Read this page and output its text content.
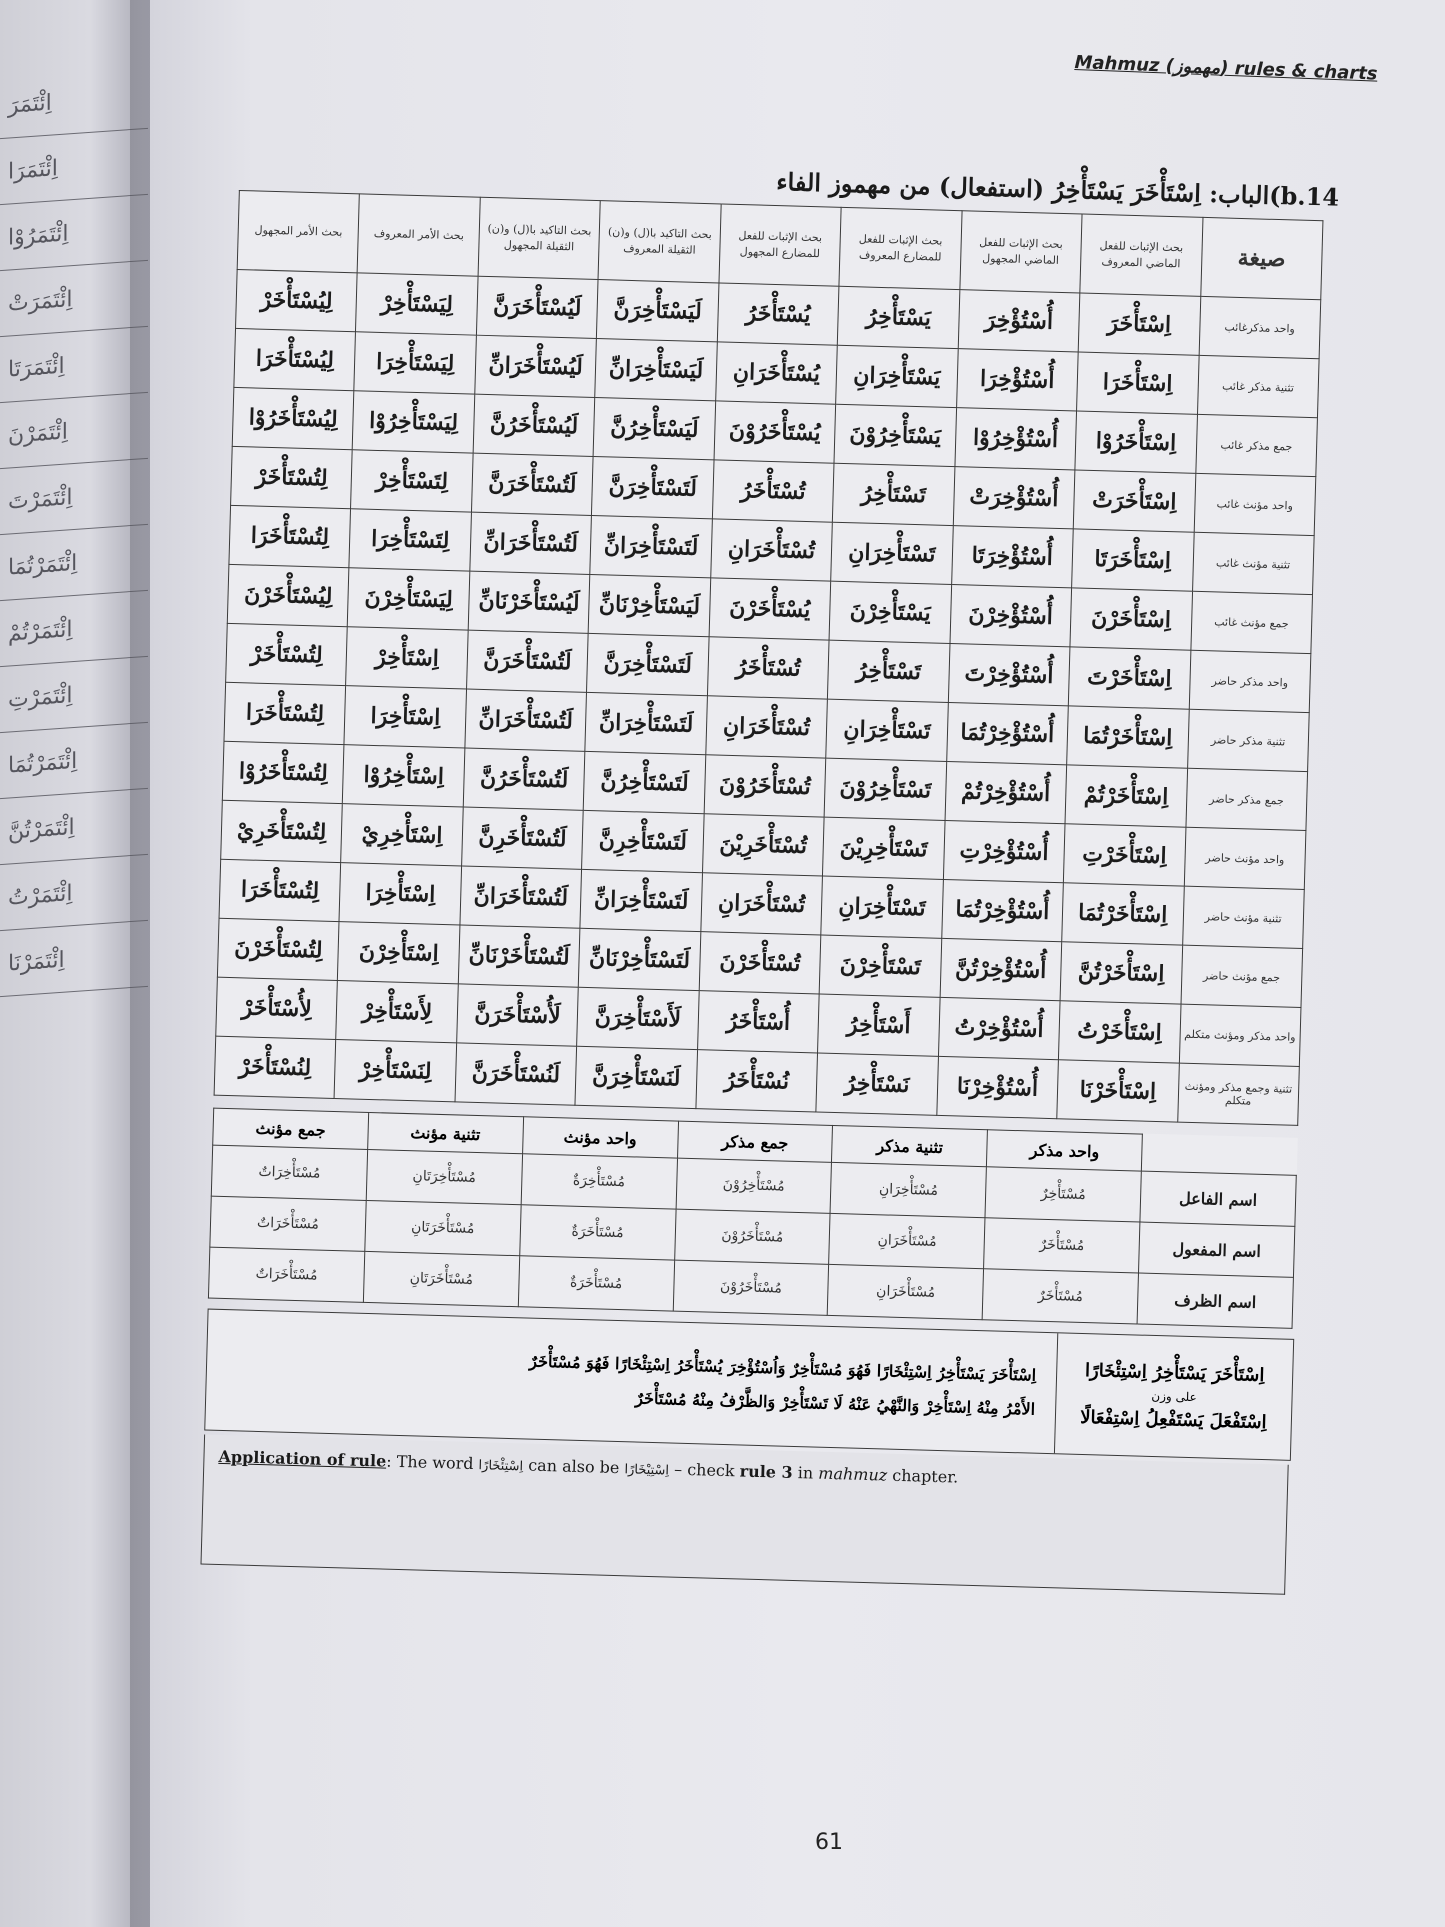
اِئْتَمَرَ
اِئْتَمَرَا
اِئْتَمَرُوْا
اِئْتَمَرَتْ
اِئْتَمَرَتَا
اِئْتَمَرْنَ
اِئْتَمَرْتَ
اِئْتَمَرْتُمَا
اِئْتَمَرْتُمْ
اِئْتَمَرْتِ
اِئْتَمَرْتُمَا
اِئْتَمَرْتُنَّ
اِئْتَمَرْتُ
اِئْتَمَرْنَا
Mahmuz (مهموز) rules & charts
14.b)الباب: اِسْتَأْخَرَ يَسْتَأْخِرُ (استفعال) من مهموز الفاء
بحث الأمر المجهول	بحث الأمر المعروف	بحث التاكيد با(ل) و(ن) الثقيلة المجهول	بحث التاكيد با(ل) و(ن) الثقيلة المعروف	بحث الإثبات للفعل للمضارع المجهول	بحث الإثبات للفعل للمضارع المعروف	بحث الإثبات للفعل الماضي المجهول	بحث الإثبات للفعل الماضي المعروف	صيغة
لِيُسْتَأْخَرْ	لِيَسْتَأْخِرْ	لَيُسْتَأْخَرَنَّ	لَيَسْتَأْخِرَنَّ	يُسْتَأْخَرُ	يَسْتَأْخِرُ	أُسْتُؤْخِرَ	اِسْتَأْخَرَ	واحد مذكرغائب
لِيُسْتَأْخَرَا	لِيَسْتَأْخِرَا	لَيُسْتَأْخَرَانِّ	لَيَسْتَأْخِرَانِّ	يُسْتَأْخَرَانِ	يَسْتَأْخِرَانِ	أُسْتُؤْخِرَا	اِسْتَأْخَرَا	تثنية مذكر غائب
لِيُسْتَأْخَرُوْا	لِيَسْتَأْخِرُوْا	لَيُسْتَأْخَرُنَّ	لَيَسْتَأْخِرُنَّ	يُسْتَأْخَرُوْنَ	يَسْتَأْخِرُوْنَ	أُسْتُؤْخِرُوْا	اِسْتَأْخَرُوْا	جمع مذكر غائب
لِتُسْتَأْخَرْ	لِتَسْتَأْخِرْ	لَتُسْتَأْخَرَنَّ	لَتَسْتَأْخِرَنَّ	تُسْتَأْخَرُ	تَسْتَأْخِرُ	أُسْتُؤْخِرَتْ	اِسْتَأْخَرَتْ	واحد مؤنث غائب
لِتُسْتَأْخَرَا	لِتَسْتَأْخِرَا	لَتُسْتَأْخَرَانِّ	لَتَسْتَأْخِرَانِّ	تُسْتَأْخَرَانِ	تَسْتَأْخِرَانِ	أُسْتُؤْخِرَتَا	اِسْتَأْخَرَتَا	تثنية مؤنث غائب
لِيُسْتَأْخَرْنَ	لِيَسْتَأْخِرْنَ	لَيُسْتَأْخَرْنَانِّ	لَيَسْتَأْخِرْنَانِّ	يُسْتَأْخَرْنَ	يَسْتَأْخِرْنَ	أُسْتُؤْخِرْنَ	اِسْتَأْخَرْنَ	جمع مؤنث غائب
لِتُسْتَأْخَرْ	اِسْتَأْخِرْ	لَتُسْتَأْخَرَنَّ	لَتَسْتَأْخِرَنَّ	تُسْتَأْخَرُ	تَسْتَأْخِرُ	أُسْتُؤْخِرْتَ	اِسْتَأْخَرْتَ	واحد مذكر حاضر
لِتُسْتَأْخَرَا	اِسْتَأْخِرَا	لَتُسْتَأْخَرَانِّ	لَتَسْتَأْخِرَانِّ	تُسْتَأْخَرَانِ	تَسْتَأْخِرَانِ	أُسْتُؤْخِرْتُمَا	اِسْتَأْخَرْتُمَا	تثنية مذكر حاضر
لِتُسْتَأْخَرُوْا	اِسْتَأْخِرُوْا	لَتُسْتَأْخَرُنَّ	لَتَسْتَأْخِرُنَّ	تُسْتَأْخَرُوْنَ	تَسْتَأْخِرُوْنَ	أُسْتُؤْخِرْتُمْ	اِسْتَأْخَرْتُمْ	جمع مذكر حاضر
لِتُسْتَأْخَرِيْ	اِسْتَأْخِرِيْ	لَتُسْتَأْخَرِنَّ	لَتَسْتَأْخِرِنَّ	تُسْتَأْخَرِيْنَ	تَسْتَأْخِرِيْنَ	أُسْتُؤْخِرْتِ	اِسْتَأْخَرْتِ	واحد مؤنث حاضر
لِتُسْتَأْخَرَا	اِسْتَأْخِرَا	لَتُسْتَأْخَرَانِّ	لَتَسْتَأْخِرَانِّ	تُسْتَأْخَرَانِ	تَسْتَأْخِرَانِ	أُسْتُؤْخِرْتُمَا	اِسْتَأْخَرْتُمَا	تثنية مؤنث حاضر
لِتُسْتَأْخَرْنَ	اِسْتَأْخِرْنَ	لَتُسْتَأْخَرْنَانِّ	لَتَسْتَأْخِرْنَانِّ	تُسْتَأْخَرْنَ	تَسْتَأْخِرْنَ	أُسْتُؤْخِرْتُنَّ	اِسْتَأْخَرْتُنَّ	جمع مؤنث حاضر
لِأُسْتَأْخَرْ	لِأَسْتَأْخِرْ	لَأُسْتَأْخَرَنَّ	لَأَسْتَأْخِرَنَّ	أُسْتَأْخَرُ	أَسْتَأْخِرُ	أُسْتُؤْخِرْتُ	اِسْتَأْخَرْتُ	واحد مذكر ومؤنث متكلم
لِنُسْتَأْخَرْ	لِنَسْتَأْخِرْ	لَنُسْتَأْخَرَنَّ	لَنَسْتَأْخِرَنَّ	نُسْتَأْخَرُ	نَسْتَأْخِرُ	أُسْتُؤْخِرْنَا	اِسْتَأْخَرْنَا	تثنية وجمع مذكر ومؤنث متكلم
جمع مؤنث	تثنية مؤنث	واحد مؤنث	جمع مذكر	تثنية مذكر	واحد مذكر	
مُسْتَأْخِرَاتٌ	مُسْتَأْخِرَتَانِ	مُسْتَأْخِرَةٌ	مُسْتَأْخِرُوْنَ	مُسْتَأْخِرَانِ	مُسْتَأْخِرٌ	اسم الفاعل
مُسْتَأْخَرَاتٌ	مُسْتَأْخَرَتَانِ	مُسْتَأْخَرَةٌ	مُسْتَأْخَرُوْنَ	مُسْتَأْخَرَانِ	مُسْتَأْخَرٌ	اسم المفعول
مُسْتَأْخَرَاتٌ	مُسْتَأْخَرَتَانِ	مُسْتَأْخَرَةٌ	مُسْتَأْخَرُوْنَ	مُسْتَأْخَرَانِ	مُسْتَأْخَرٌ	اسم الظرف
اِسْتَأْخَرَ يَسْتَأْخِرُ اِسْتِئْخَارًا
على وزن
اِسْتَفْعَلَ يَسْتَفْعِلُ اِسْتِفْعَالًا
اِسْتَأْخَرَ يَسْتَأْخِرُ اِسْتِئْخَارًا فَهُوَ مُسْتَأْخِرٌ وَاُسْتُؤْخِرَ يُسْتَأْخَرُ اِسْتِئْخَارًا فَهُوَ مُسْتَأْخَرٌ
الأَمْرُ مِنْهُ اِسْتَأْخِرْ وَالنَّهْيُ عَنْهُ لَا تَسْتَأْخِرْ وَالظَّرْفُ مِنْهُ مُسْتَأْخَرٌ
Application of rule: The word اِسْتِئْخَارًا can also be اِسْتِيْخَارًا – check rule 3 in mahmuz chapter.
61
